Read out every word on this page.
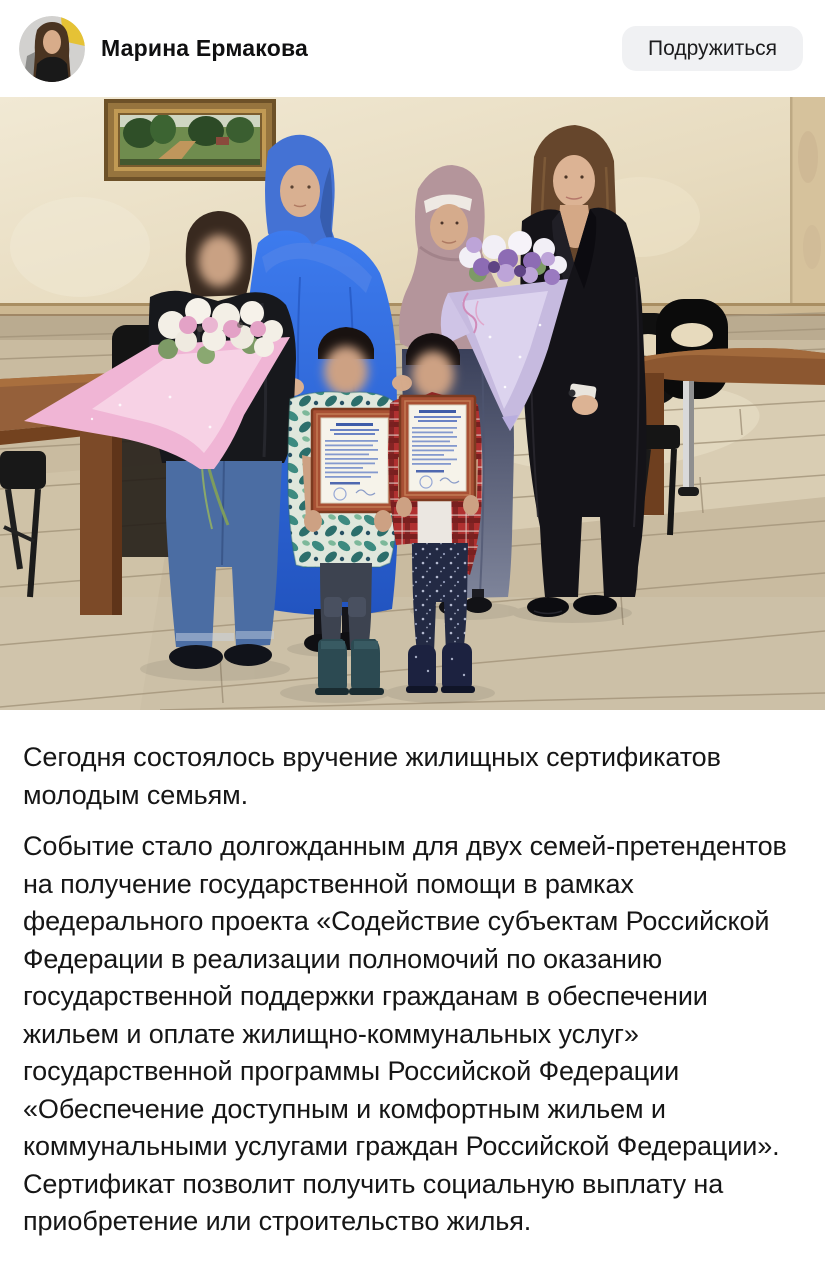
Марина Ермакова	Подружиться

Сегодня состоялось вручение жилищных сертификатов молодым семьям.

Событие стало долгожданным для двух семей-претендентов на получение государственной помощи в рамках федерального проекта «Содействие субъектам Российской Федерации в реализации полномочий по оказанию государственной поддержки гражданам в обеспечении жильем и оплате жилищно-коммунальных услуг» государственной программы Российской Федерации «Обеспечение доступным и комфортным жильем и коммунальными услугами граждан Российской Федерации». Сертификат позволит получить социальную выплату на приобретение или строительство жилья.
